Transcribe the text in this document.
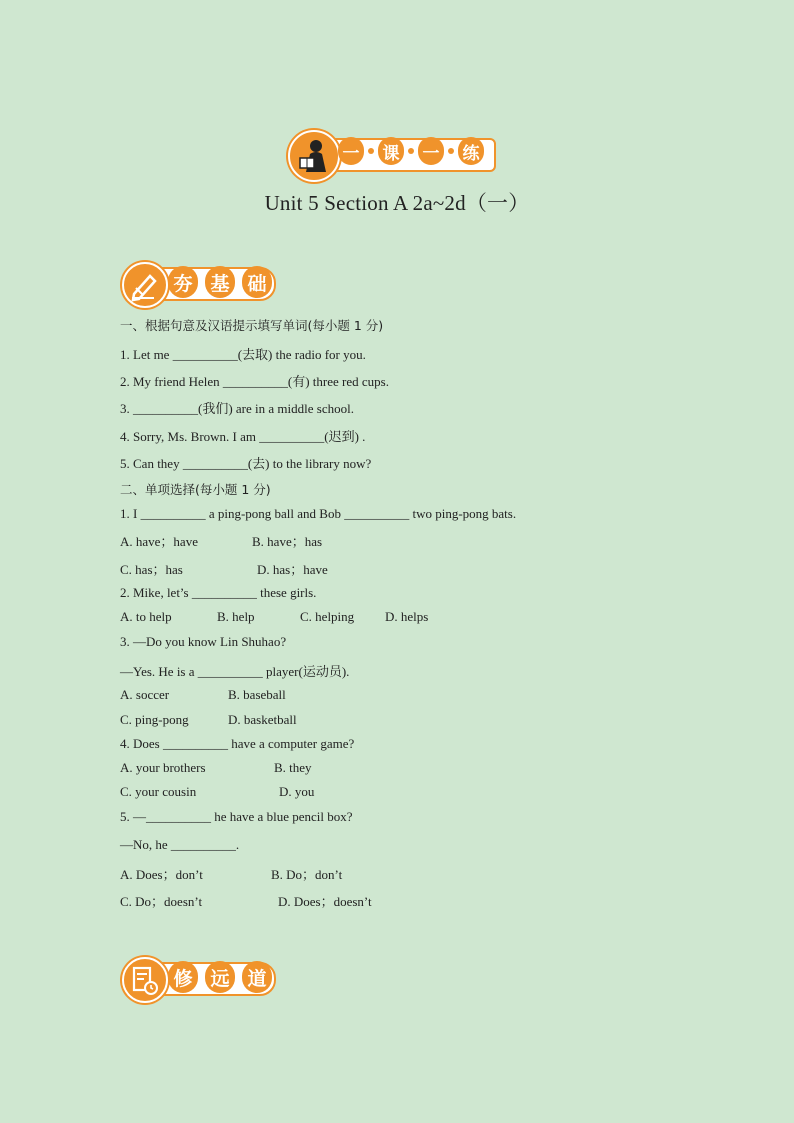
一 课 一 练
Unit 5 Section A 2a~2d（一）
夯 基 础
一、根据句意及汉语提示填写单词(每小题 1 分)
1. Let me __________(去取) the radio for you.
2. My friend Helen __________(有) three red cups.
3. __________(我们) are in a middle school.
4. Sorry, Ms. Brown. I am __________(迟到) .
5. Can they __________(去) to the library now?
二、单项选择(每小题 1 分)
1. I __________ a ping-pong ball and Bob __________ two ping-pong bats.
A. have；have	B. have；has
C. has；has	D. has；have
2. Mike, let’s __________ these girls.
A. to help	B. help	C. helping D. helps
3. —Do you know Lin Shuhao?
—Yes. He is a __________ player(运动员).
A. soccer	B. baseball
C. ping-pong	D. basketball
4. Does __________ have a computer game?
A. your brothers	B. they
C. your cousin	D. you
5. —__________ he have a blue pencil box?
—No, he __________.
A. Does；don’t	B. Do；don’t
C. Do；doesn’t	D. Does；doesn’t
修 远 道
